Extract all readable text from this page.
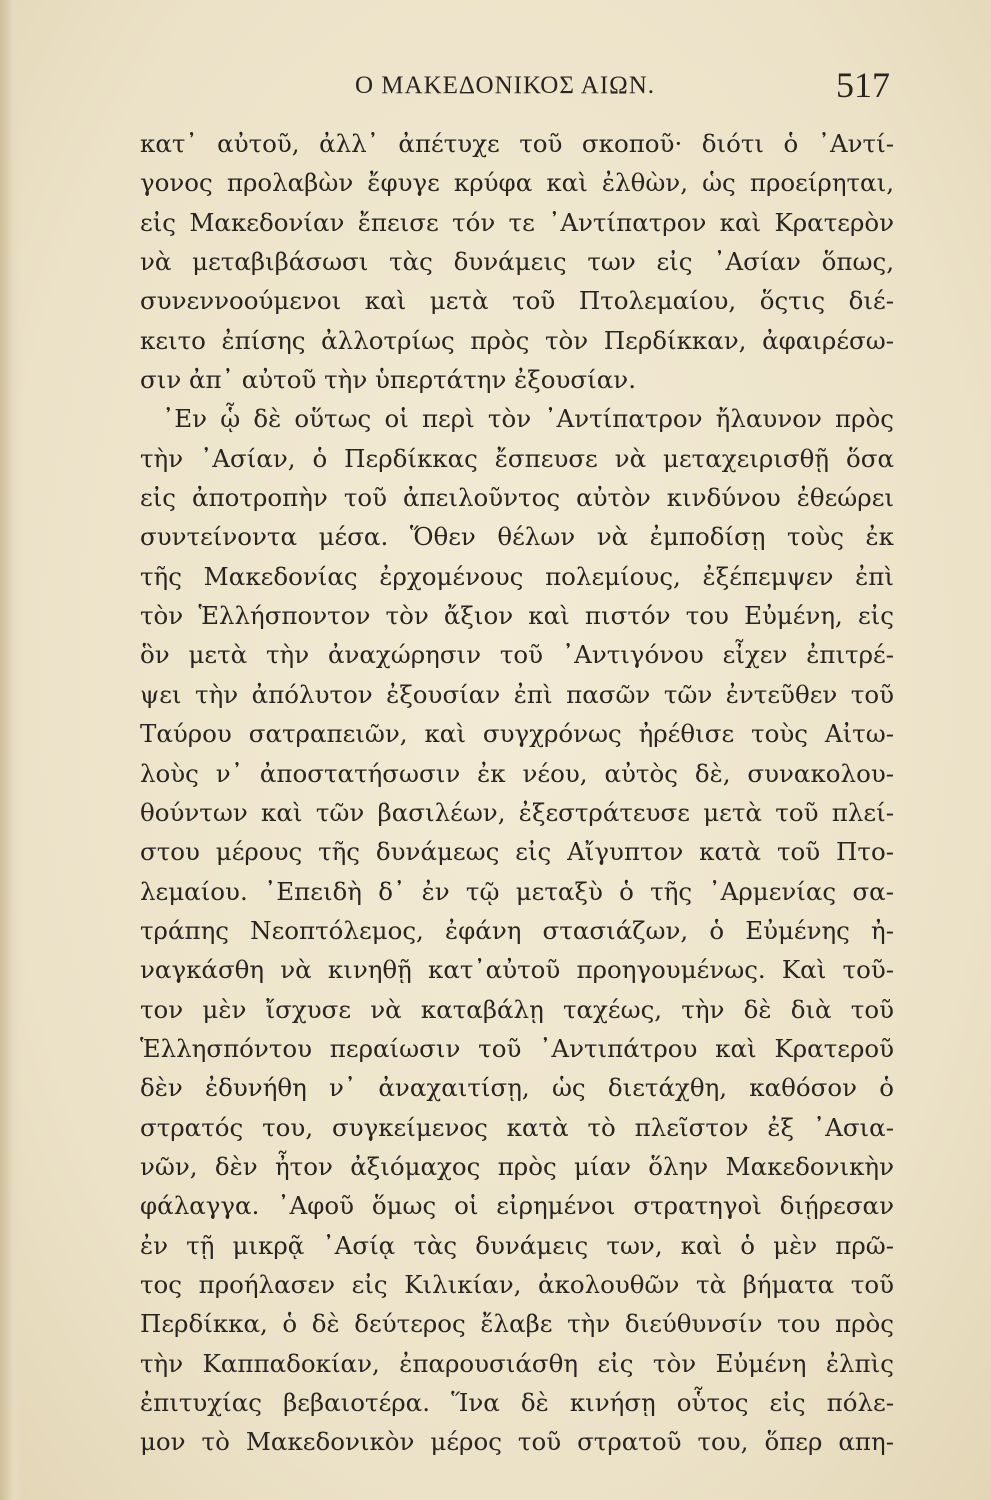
Ο ΜΑΚΕΔΟΝΙΚΟΣ ΑΙΩΝ.	517
κατ᾽ αὐτοῦ, ἀλλ᾽ ἀπέτυχε τοῦ σκοποῦ· διότι ὁ ᾿Αντί-
γονος προλαβὼν ἔφυγε κρύφα καὶ ἐλθὼν, ὡς προείρηται,
εἰς Μακεδονίαν ἔπεισε τόν τε ᾿Αντίπατρον καὶ Κρατερὸν
νὰ μεταβιβάσωσι τὰς δυνάμεις των εἰς ᾿Ασίαν ὅπως,
συνεννοούμενοι καὶ μετὰ τοῦ Πτολεμαίου, ὅςτις διέ-
κειτο ἐπίσης ἀλλοτρίως πρὸς τὸν Περδίκκαν, ἀφαιρέσω-
σιν ἀπ᾽ αὐτοῦ τὴν ὑπερτάτην ἐξουσίαν.
᾿Εν ᾧ δὲ οὕτως οἱ περὶ τὸν ᾿Αντίπατρον ἤλαυνον πρὸς
τὴν ᾿Ασίαν, ὁ Περδίκκας ἔσπευσε νὰ μεταχειρισθῇ ὅσα
εἰς ἀποτροπὴν τοῦ ἀπειλοῦντος αὐτὸν κινδύνου ἐθεώρει
συντείνοντα μέσα. Ὅθεν θέλων νὰ ἐμποδίσῃ τοὺς ἐκ
τῆς Μακεδονίας ἐρχομένους πολεμίους, ἐξέπεμψεν ἐπὶ
τὸν Ἑλλήσποντον τὸν ἄξιον καὶ πιστόν του Εὐμένη, εἰς
ὃν μετὰ τὴν ἀναχώρησιν τοῦ ᾿Αντιγόνου εἶχεν ἐπιτρέ-
ψει τὴν ἀπόλυτον ἐξουσίαν ἐπὶ πασῶν τῶν ἐντεῦθεν τοῦ
Ταύρου σατραπειῶν, καὶ συγχρόνως ἠρέθισε τοὺς Αἰτω-
λοὺς ν᾽ ἀποστατήσωσιν ἐκ νέου, αὐτὸς δὲ, συνακολου-
θούντων καὶ τῶν βασιλέων, ἐξεστράτευσε μετὰ τοῦ πλεί-
στου μέρους τῆς δυνάμεως εἰς Αἴγυπτον κατὰ τοῦ Πτο-
λεμαίου. ᾿Επειδὴ δ᾽ ἐν τῷ μεταξὺ ὁ τῆς ᾿Αρμενίας σα-
τράπης Νεοπτόλεμος, ἐφάνη στασιάζων, ὁ Εὐμένης ἠ-
ναγκάσθη νὰ κινηθῇ κατ᾽αὐτοῦ προηγουμένως. Καὶ τοῦ-
τον μὲν ἴσχυσε νὰ καταβάλῃ ταχέως, τὴν δὲ διὰ τοῦ
Ἑλλησπόντου περαίωσιν τοῦ ᾿Αντιπάτρου καὶ Κρατεροῦ
δὲν ἐδυνήθη ν᾽ ἀναχαιτίσῃ, ὡς διετάχθη, καθόσον ὁ
στρατός του, συγκείμενος κατὰ τὸ πλεῖστον ἐξ ᾿Ασια-
νῶν, δὲν ἦτον ἀξιόμαχος πρὸς μίαν ὅλην Μακεδονικὴν
φάλαγγα. ᾿Αφοῦ ὅμως οἱ εἰρημένοι στρατηγοὶ διῄρεσαν
ἐν τῇ μικρᾷ ᾿Ασίᾳ τὰς δυνάμεις των, καὶ ὁ μὲν πρῶ-
τος προήλασεν εἰς Κιλικίαν, ἀκολουθῶν τὰ βήματα τοῦ
Περδίκκα, ὁ δὲ δεύτερος ἔλαβε τὴν διεύθυνσίν του πρὸς
τὴν Καππαδοκίαν, ἐπαρουσιάσθη εἰς τὸν Εὐμένη ἐλπὶς
ἐπιτυχίας βεβαιοτέρα. Ἵνα δὲ κινήσῃ οὗτος εἰς πόλε-
μον τὸ Μακεδονικὸν μέρος τοῦ στρατοῦ του, ὅπερ απη-
